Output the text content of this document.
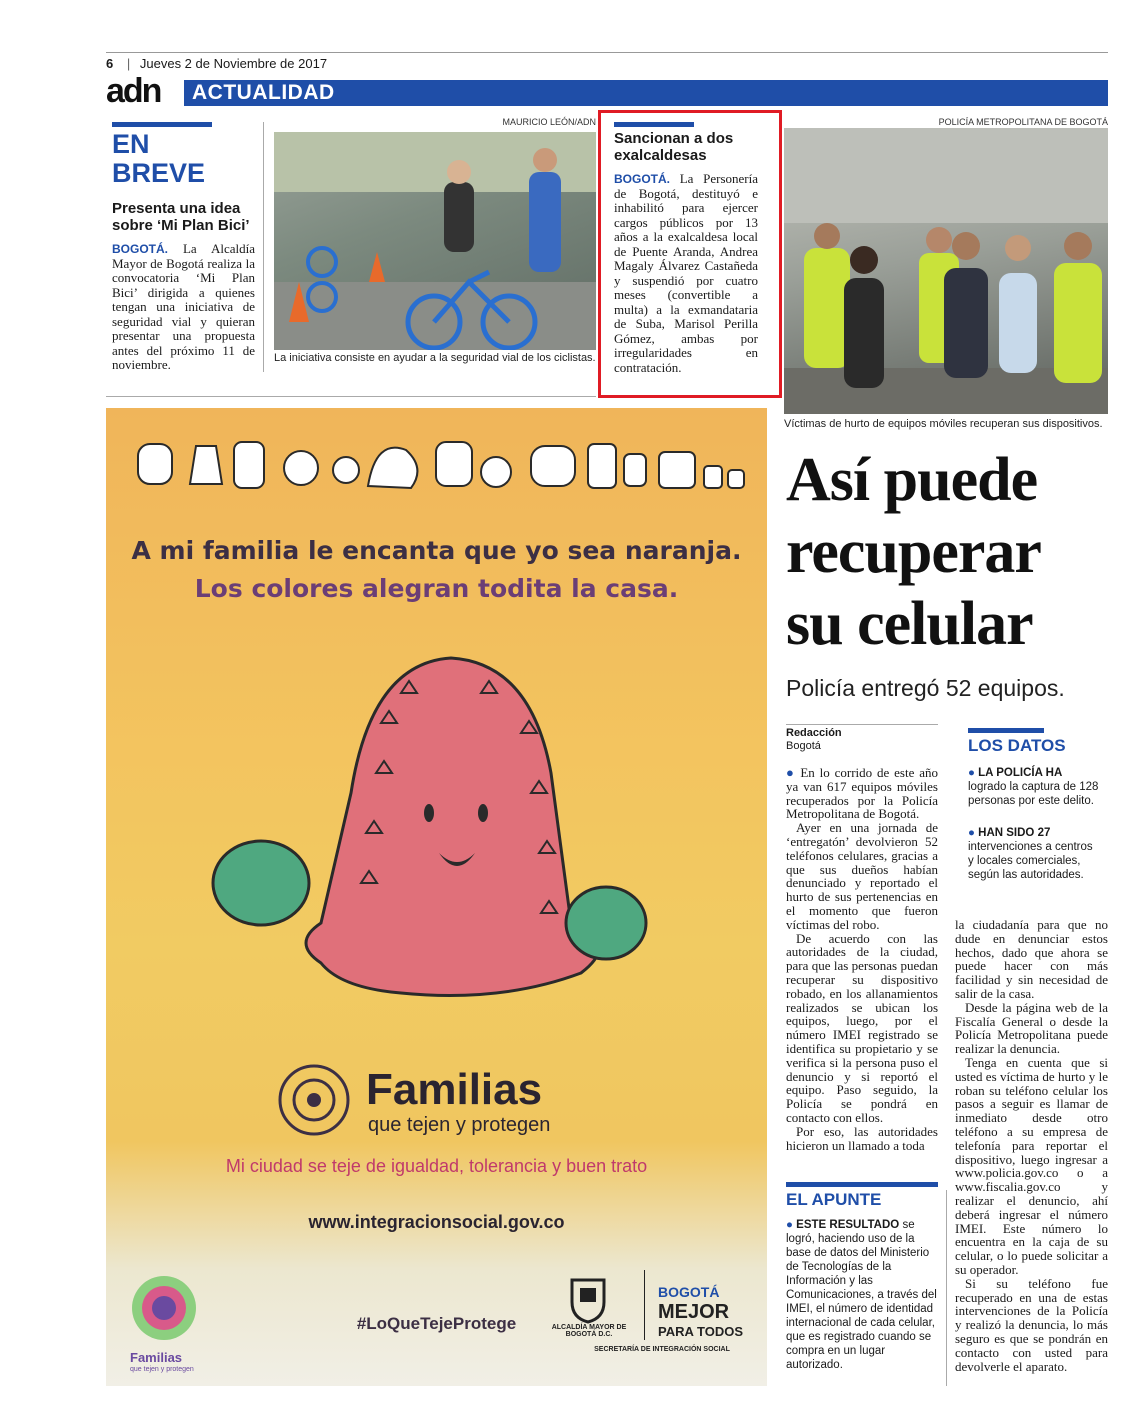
6 | Jueves 2 de Noviembre de 2017
adn ACTUALIDAD
EN
BREVE
Presenta una idea sobre ‘Mi Plan Bici’
BOGOTÁ. La Alcaldía Mayor de Bogotá realiza la convocatoria ‘Mi Plan Bici’ dirigida a quienes tengan una iniciativa de seguridad vial y quieran presentar una propuesta antes del próximo 11 de noviembre.
MAURICIO LEÓN/ADN
La iniciativa consiste en ayudar a la seguridad vial de los ciclistas.
Sancionan a dos exalcaldesas
BOGOTÁ. La Personería de Bogotá, destituyó e inhabilitó para ejercer cargos públicos por 13 años a la exalcaldesa local de Puente Aranda, Andrea Magaly Álvarez Castañeda y suspendió por cuatro meses (convertible a multa) a la exmandataria de Suba, Marisol Perilla Gómez, ambas por irregularidades en contratación.
POLICÍA METROPOLITANA DE BOGOTÁ
Víctimas de hurto de equipos móviles recuperan sus dispositivos.
A mi familia le encanta que yo sea naranja.
Los colores alegran todita la casa.
#LoQueTejeProtege
Familias
que tejen y protegen
Mi ciudad se teje de igualdad, tolerancia y buen trato
www.integracionsocial.gov.co
Familias
que tejen y protegen
ALCALDÍA MAYOR DE BOGOTÁ D.C.
SECRETARÍA DE INTEGRACIÓN SOCIAL
BOGOTÁ
MEJOR
PARA TODOS
Así puede
recuperar
su celular
Policía entregó 52 equipos.
Redacción
Bogotá

● En lo corrido de este año ya van 617 equipos móviles recuperados por la Policía Metropolitana de Bogotá.

Ayer en una jornada de ‘entregatón’ devolvieron 52 teléfonos celulares, gracias a que sus dueños habían denunciado y reportado el hurto de sus pertenencias en el momento que fueron víctimas del robo.

De acuerdo con las autoridades de la ciudad, para que las personas puedan recuperar su dispositivo robado, en los allanamientos realizados se ubican los equipos, luego, por el número IMEI registrado se identifica su propietario y se verifica si la persona puso el denuncio y si reportó el equipo. Paso seguido, la Policía se pondrá en contacto con ellos.

Por eso, las autoridades hicieron un llamado a toda

LOS DATOS
● LA POLICÍA HA logrado la captura de 128 personas por este delito.
● HAN SIDO 27 intervenciones a centros y locales comerciales, según las autoridades.

la ciudadanía para que no dude en denunciar estos hechos, dado que ahora se puede hacer con más facilidad y sin necesidad de salir de la casa.

Desde la página web de la Fiscalía General o desde la Policía Metropolitana puede realizar la denuncia.

Tenga en cuenta que si usted es víctima de hurto y le roban su teléfono celular los pasos a seguir es llamar de inmediato desde otro teléfono a su empresa de telefonía para reportar el dispositivo, luego ingresar a www.policia.gov.co o a www.fiscalia.gov.co y realizar el denuncio, ahí deberá ingresar el número IMEI. Este número lo encuentra en la caja de su celular, o lo puede solicitar a su operador.

Si su teléfono fue recuperado en una de estas intervenciones de la Policía y realizó la denuncia, lo más seguro es que se pondrán en contacto con usted para devolverle el aparato.

EL APUNTE
● ESTE RESULTADO se logró, haciendo uso de la base de datos del Ministerio de Tecnologías de la Información y las Comunicaciones, a través del IMEI, el número de identidad internacional de cada celular, que es registrado cuando se compra en un lugar autorizado.
